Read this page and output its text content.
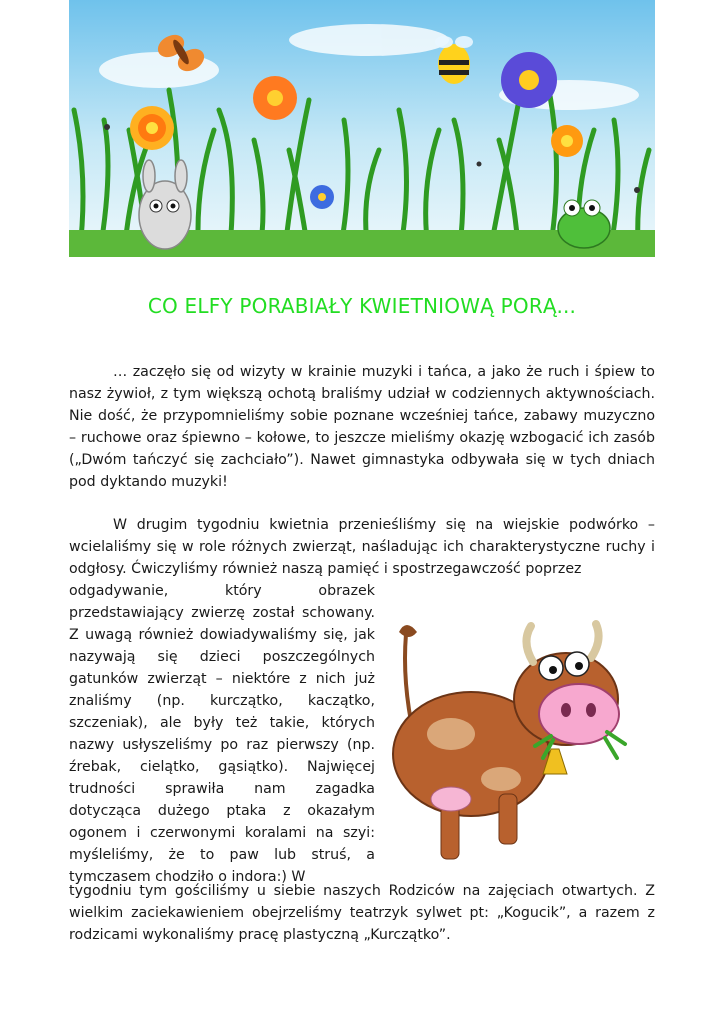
CO ELFY PORABIAŁY KWIETNIOWĄ PORĄ...

… zaczęło się od wizyty w krainie muzyki i tańca, a jako że ruch i śpiew to nasz żywioł, z tym większą ochotą braliśmy udział w codziennych aktywnościach. Nie dość, że przypomnieliśmy sobie poznane wcześniej tańce, zabawy muzyczno – ruchowe oraz śpiewno – kołowe, to jeszcze mieliśmy okazję wzbogacić ich zasób („Dwóm tańczyć się zachciało”). Nawet gimnastyka odbywała się w tych dniach pod dyktando muzyki!

W drugim tygodniu kwietnia przenieśliśmy się na wiejskie podwórko – wcielaliśmy się w role różnych zwierząt, naśladując ich charakterystyczne ruchy i odgłosy. Ćwiczyliśmy również naszą pamięć i spostrzegawczość poprzez

odgadywanie, który obrazek przedstawiający zwierzę został schowany. Z uwagą również dowiadywaliśmy się, jak nazywają się dzieci poszczególnych gatunków zwierząt – niektóre z nich już znaliśmy (np. kurczątko, kaczątko, szczeniak), ale były też takie, których nazwy usłyszeliśmy po raz pierwszy (np. źrebak, cielątko, gąsiątko). Najwięcej trudności sprawiła nam zagadka dotycząca dużego ptaka z okazałym ogonem i czerwonymi koralami na szyi: myśleliśmy, że to paw lub struś, a tymczasem chodziło o indora:) W

tygodniu tym gościliśmy u siebie naszych Rodziców na zajęciach otwartych. Z wielkim zaciekawieniem obejrzeliśmy teatrzyk sylwet pt: „Kogucik”, a razem z rodzicami wykonaliśmy pracę plastyczną „Kurczątko”.
